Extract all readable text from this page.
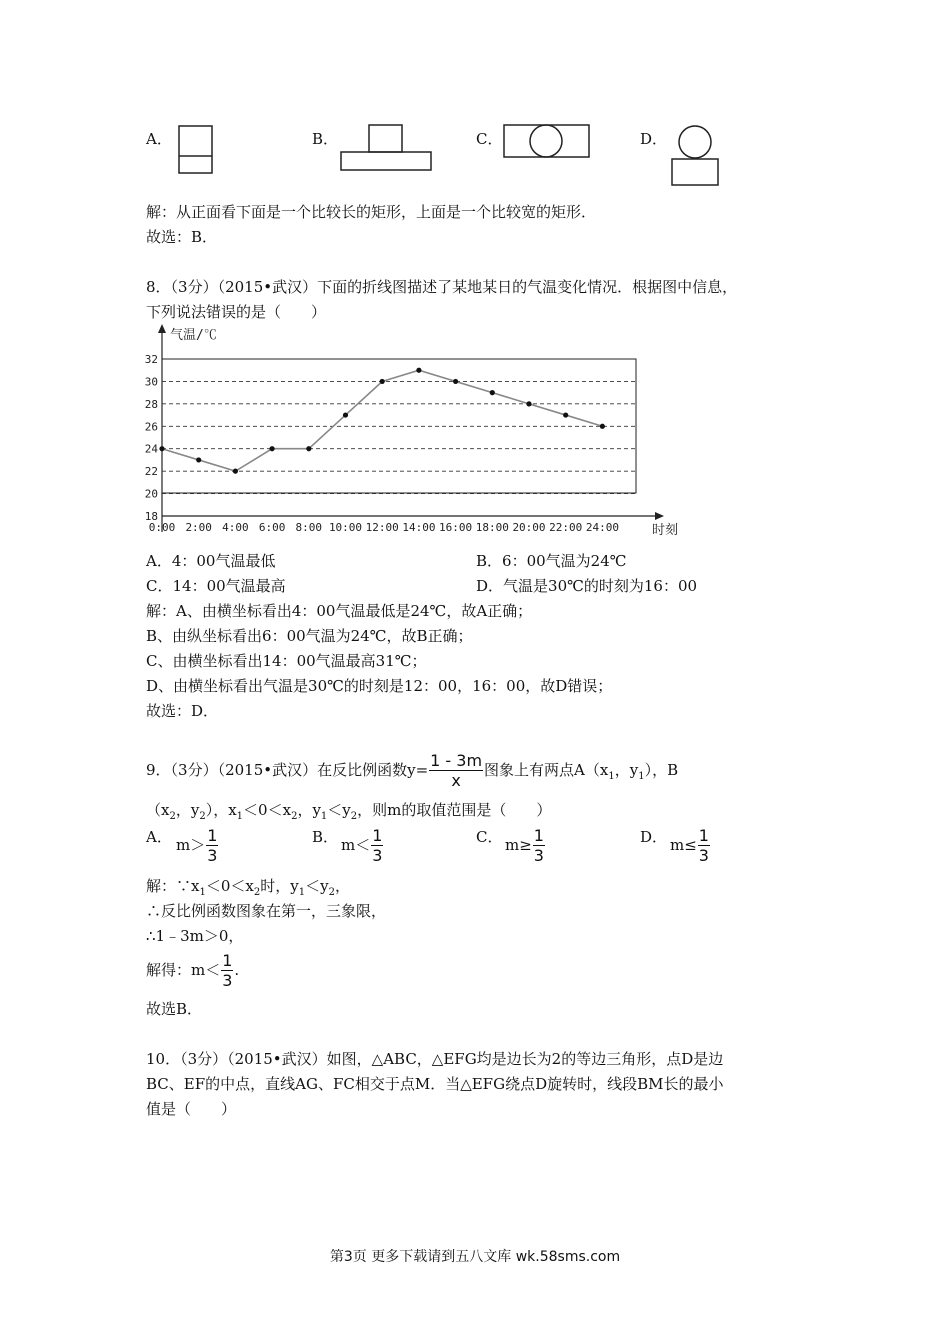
A．	B．	C．	D．
解：从正面看下面是一个比较长的矩形，上面是一个比较宽的矩形．
故选：B．
8．（3分）（2015•武汉）下面的折线图描述了某地某日的气温变化情况．根据图中信息，
下列说法错误的是（　　）
18
20
22
24
26
28
30
32
0:00 2:00 4:00 6:00 8:00 10:00 12:00 14:00 16:00 18:00 20:00 22:00 24:00
气温/℃
时刻
A．4：00气温最低	B．6：00气温为24℃
C．14：00气温最高	D．气温是30℃的时刻为16：00
解：A、由横坐标看出4：00气温最低是24℃，故A正确；
B、由纵坐标看出6：00气温为24℃，故B正确；
C、由横坐标看出14：00气温最高31℃；
D、由横坐标看出气温是30℃的时刻是12：00，16：00，故D错误；
故选：D．
9．（3分）（2015•武汉）在反比例函数$y= \frac{1 - 3m}{x}$ 图象上有两点$A(x_1$，$y_1$），B
（$x_2$，$y_2$），$x_1<0<x_2$，$y_1<y_2$，则m的取值范围是（　　）
A． $m> \frac{1}{3}$	B． $m< \frac{1}{3}$	C． $m\ge \frac{1}{3}$	D． $m\le \frac{1}{3}$
解：$\because x_1<0<x_2$时，$y_1<y_2$，
∴反比例函数图象在第一，三象限，
∴1﹣3m＞0，
解得：$m< \frac{1}{3}$ .
故选B．
10．（3分）（2015•武汉）如图，△ABC，△EFG均是边长为2的等边三角形，点D是边
BC、EF的中点，直线AG、FC相交于点M．当△EFG绕点D旋转时，线段BM长的最小
值是（　　）
第3页 更多下载请到五八文库 wk.58sms.com
